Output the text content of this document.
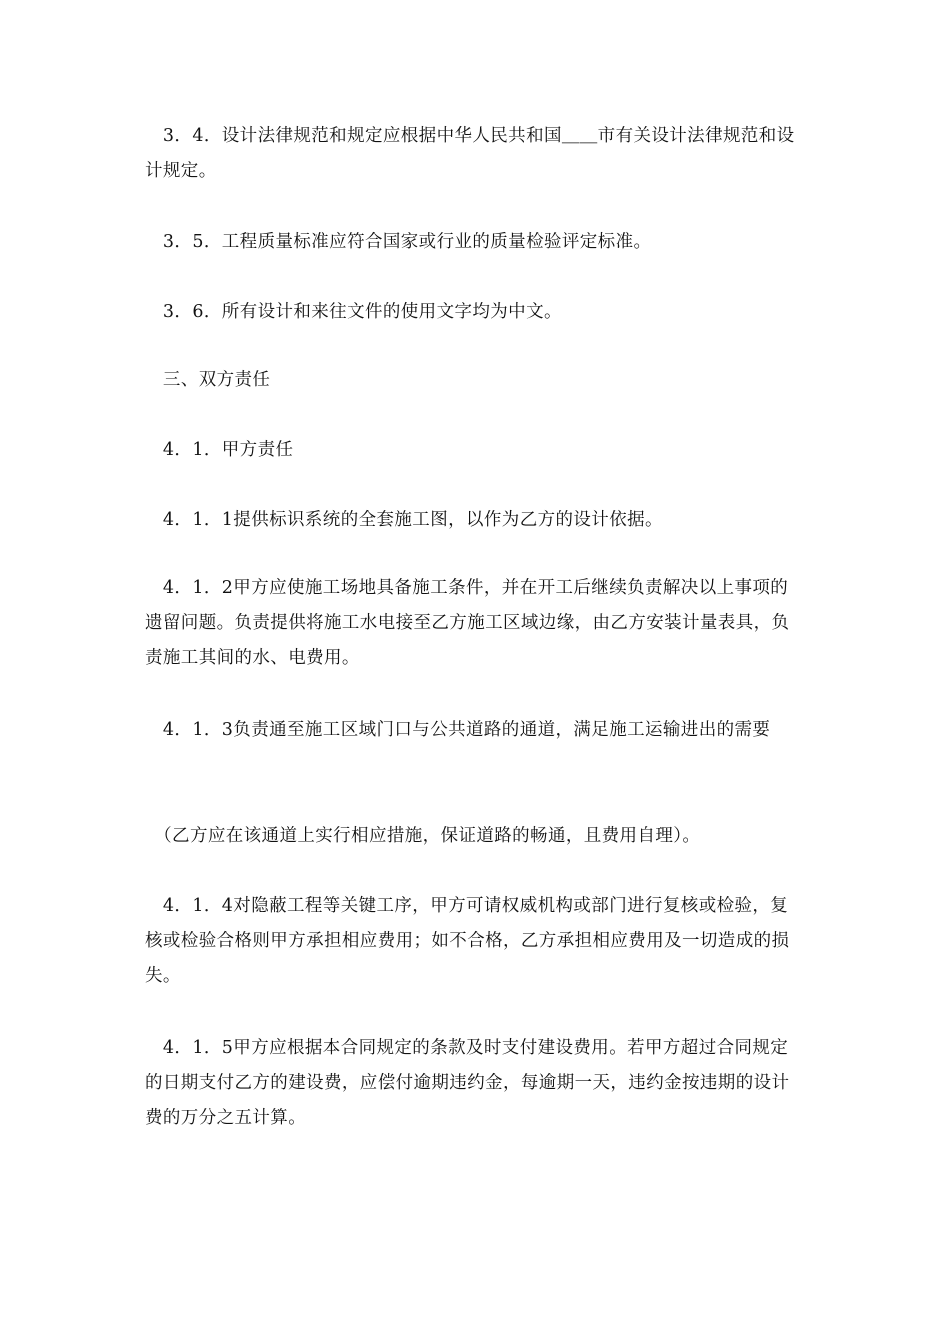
　3．4．设计法律规范和规定应根据中华人民共和国＿＿市有关设计法律规范和设计规定。

　3．5．工程质量标准应符合国家或行业的质量检验评定标准。

　3．6．所有设计和来往文件的使用文字均为中文。

　三、双方责任

　4．1．甲方责任

　4．1．1提供标识系统的全套施工图，以作为乙方的设计依据。

　4．1．2甲方应使施工场地具备施工条件，并在开工后继续负责解决以上事项的遗留问题。负责提供将施工水电接至乙方施工区域边缘，由乙方安装计量表具，负责施工其间的水、电费用。

　4．1．3负责通至施工区域门口与公共道路的通道，满足施工运输进出的需要

　（乙方应在该通道上实行相应措施，保证道路的畅通，且费用自理）。

　4．1．4对隐蔽工程等关键工序，甲方可请权威机构或部门进行复核或检验，复核或检验合格则甲方承担相应费用；如不合格，乙方承担相应费用及一切造成的损失。

　4．1．5甲方应根据本合同规定的条款及时支付建设费用。若甲方超过合同规定的日期支付乙方的建设费，应偿付逾期违约金，每逾期一天，违约金按违期的设计费的万分之五计算。
